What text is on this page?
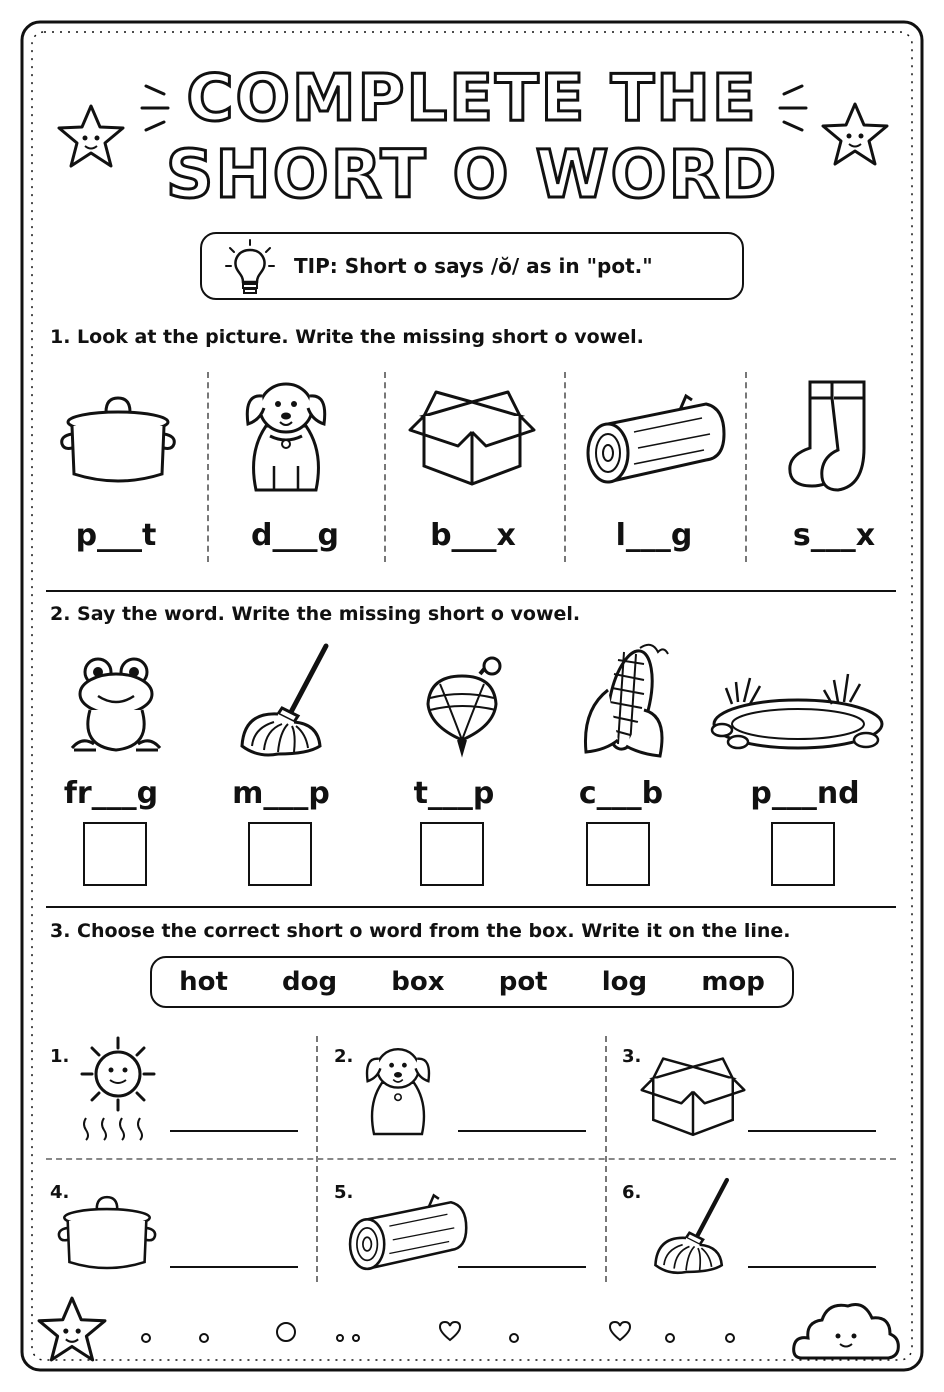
COMPLETE THE
SHORT O WORD
TIP: Short o says /ŏ/ as in "pot."
1. Look at the picture. Write the missing short o vowel.
p___t	d___g	b___x	l___g	s___x
2. Say the word. Write the missing short o vowel.
fr___g	m___p	t___p	c___b	p___nd
3. Choose the correct short o word from the box. Write it on the line.
hot dog box pot log mop
1.	2.	3.
4.	5.	6.
